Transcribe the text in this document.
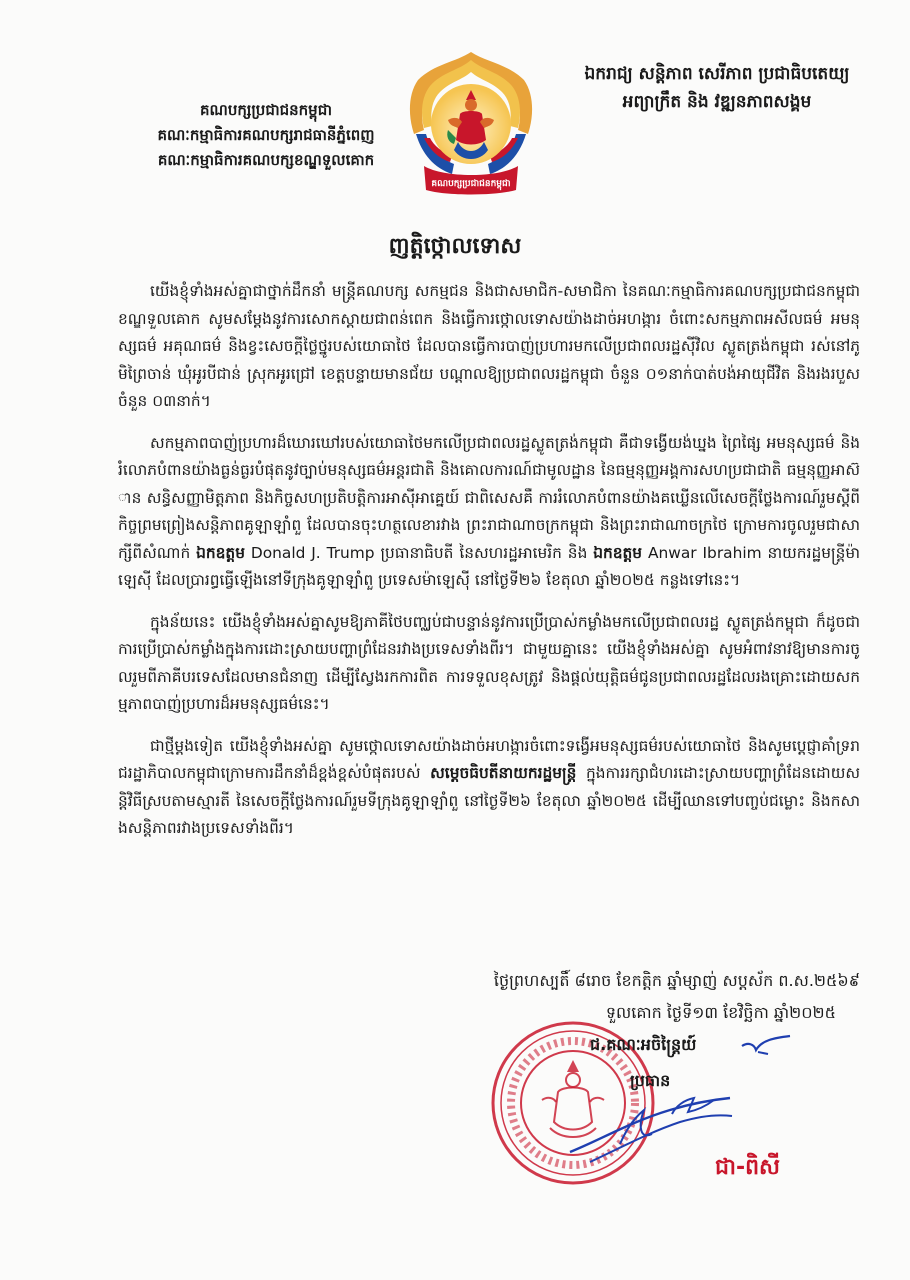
គណបក្សប្រជាជនកម្ពុជា
គណៈកម្មាធិការគណបក្សរាជធានីភ្នំពេញ
គណៈកម្មាធិការគណបក្សខណ្ឌទួលគោក
គណបក្សប្រជាជនកម្ពុជា
ឯករាជ្យ សន្តិភាព សេរីភាព ប្រជាធិបតេយ្យ
អព្យាក្រឹត និង វឌ្ឍនភាពសង្គម
ញត្តិថ្កោលទោស

យើងខ្ញុំទាំងអស់គ្នាជាថ្នាក់ដឹកនាំ មន្ត្រីគណបក្ស សកម្មជន និងជាសមាជិក-សមាជិកា នៃគណៈកម្មាធិការគណបក្សប្រជាជនកម្ពុជាខណ្ឌទួលគោក សូមសម្តែងនូវការសោកស្តាយជាពន់ពេក និងធ្វើការថ្កោលទោសយ៉ាងដាច់អហង្ការ ចំពោះសកម្មភាពអសីលធម៌ អមនុស្សធម៌ អគុណធម៌ និងខ្វះសេចក្តីថ្លៃថ្នូរបស់យោធាថៃ ដែលបានធ្វើការបាញ់ប្រហារមកលើប្រជាពលរដ្ឋស៊ីវិល ស្លូតត្រង់កម្ពុជា រស់នៅភូមិព្រៃចាន់ ឃុំអូរបីជាន់ ស្រុកអូរជ្រៅ ខេត្តបន្ទាយមានជ័យ បណ្តាលឱ្យប្រជាពលរដ្ឋកម្ពុជា ចំនួន ០១នាក់បាត់បង់អាយុជីវិត និងរងរបួសចំនួន ០៣នាក់។

សកម្មភាពបាញ់ប្រហារដ៏ឃោរឃៅរបស់យោធាថៃមកលើប្រជាពលរដ្ឋស្លូតត្រង់កម្ពុជា គឺជាទង្វើយង់ឃ្នង ព្រៃផ្សៃ អមនុស្សធម៌ និងរំលោភបំពានយ៉ាងធ្ងន់ធ្ងរបំផុតនូវច្បាប់មនុស្សធម៌អន្តរជាតិ និងគោលការណ៍ជាមូលដ្ឋាន នៃធម្មនុញ្ញអង្គការសហប្រជាជាតិ ធម្មនុញ្ញអាស៊ាន សន្ធិសញ្ញាមិត្តភាព និងកិច្ចសហប្រតិបត្តិការអាស៊ីអាគ្នេយ៍ ជាពិសេសគឺ ការរំលោភបំពានយ៉ាងគឃ្លើនលើសេចក្តីថ្លែងការណ៍រួមស្តីពីកិច្ចព្រមព្រៀងសន្តិភាពគូឡាឡាំពួ ដែលបានចុះហត្ថលេខារវាង ព្រះរាជាណាចក្រកម្ពុជា និងព្រះរាជាណាចក្រថៃ ក្រោមការចូលរួមជាសាក្សីពីសំណាក់ ឯកឧត្តម Donald J. Trump ប្រធានាធិបតី នៃសហរដ្ឋអាមេរិក និង ឯកឧត្តម Anwar Ibrahim នាយករដ្ឋមន្ត្រីម៉ាឡេស៊ី ដែលប្រារព្ធធ្វើឡើងនៅទីក្រុងគូឡាឡាំពួ ប្រទេសម៉ាឡេស៊ី នៅថ្ងៃទី២៦ ខែតុលា ឆ្នាំ២០២៥ កន្លងទៅនេះ។

ក្នុងន័យនេះ យើងខ្ញុំទាំងអស់គ្នាសូមឱ្យភាគីថៃបញ្ឈប់ជាបន្ទាន់នូវការប្រើប្រាស់កម្លាំងមកលើប្រជាពលរដ្ឋ ស្លូតត្រង់កម្ពុជា ក៏ដូចជាការប្រើប្រាស់កម្លាំងក្នុងការដោះស្រាយបញ្ហាព្រំដែនរវាងប្រទេសទាំងពីរ។ ជាមួយគ្នានេះ យើងខ្ញុំទាំងអស់គ្នា សូមអំពាវនាវឱ្យមានការចូលរួមពីភាគីបរទេសដែលមានជំនាញ ដើម្បីស្វែងរកការពិត ការទទួលខុសត្រូវ និងផ្តល់យុត្តិធម៌ជូនប្រជាពលរដ្ឋដែលរងគ្រោះដោយសកម្មភាពបាញ់ប្រហារដ៏អមនុស្សធម៌នេះ។

ជាថ្មីម្តងទៀត យើងខ្ញុំទាំងអស់គ្នា សូមថ្កោលទោសយ៉ាងដាច់អហង្ការចំពោះទង្វើអមនុស្សធម៌របស់យោធាថៃ និងសូមប្តេជ្ញាគាំទ្ររាជរដ្ឋាភិបាលកម្ពុជាក្រោមការដឹកនាំដ៏ខ្ពង់ខ្ពស់បំផុតរបស់ សម្តេចធិបតីនាយករដ្ឋមន្ត្រី ក្នុងការរក្សាជំហរដោះស្រាយបញ្ហាព្រំដែនដោយសន្តិវិធីស្របតាមស្មារតី នៃសេចក្តីថ្លែងការណ៍រួមទីក្រុងគូឡាឡាំពួ នៅថ្ងៃទី២៦ ខែតុលា ឆ្នាំ២០២៥ ដើម្បីឈានទៅបញ្ចប់ជម្លោះ និងកសាងសន្តិភាពរវាងប្រទេសទាំងពីរ។

ថ្ងៃព្រហស្បតិ៍ ៨រោច ខែកត្តិក ឆ្នាំម្សាញ់ សប្តស័ក ព.ស.២៥៦៩
ទួលគោក ថ្ងៃទី១៣ ខែវិច្ឆិកា ឆ្នាំ២០២៥
ជ.គណៈអចិន្ត្រៃយ៍
ប្រធាន
ជា-ពិសី
